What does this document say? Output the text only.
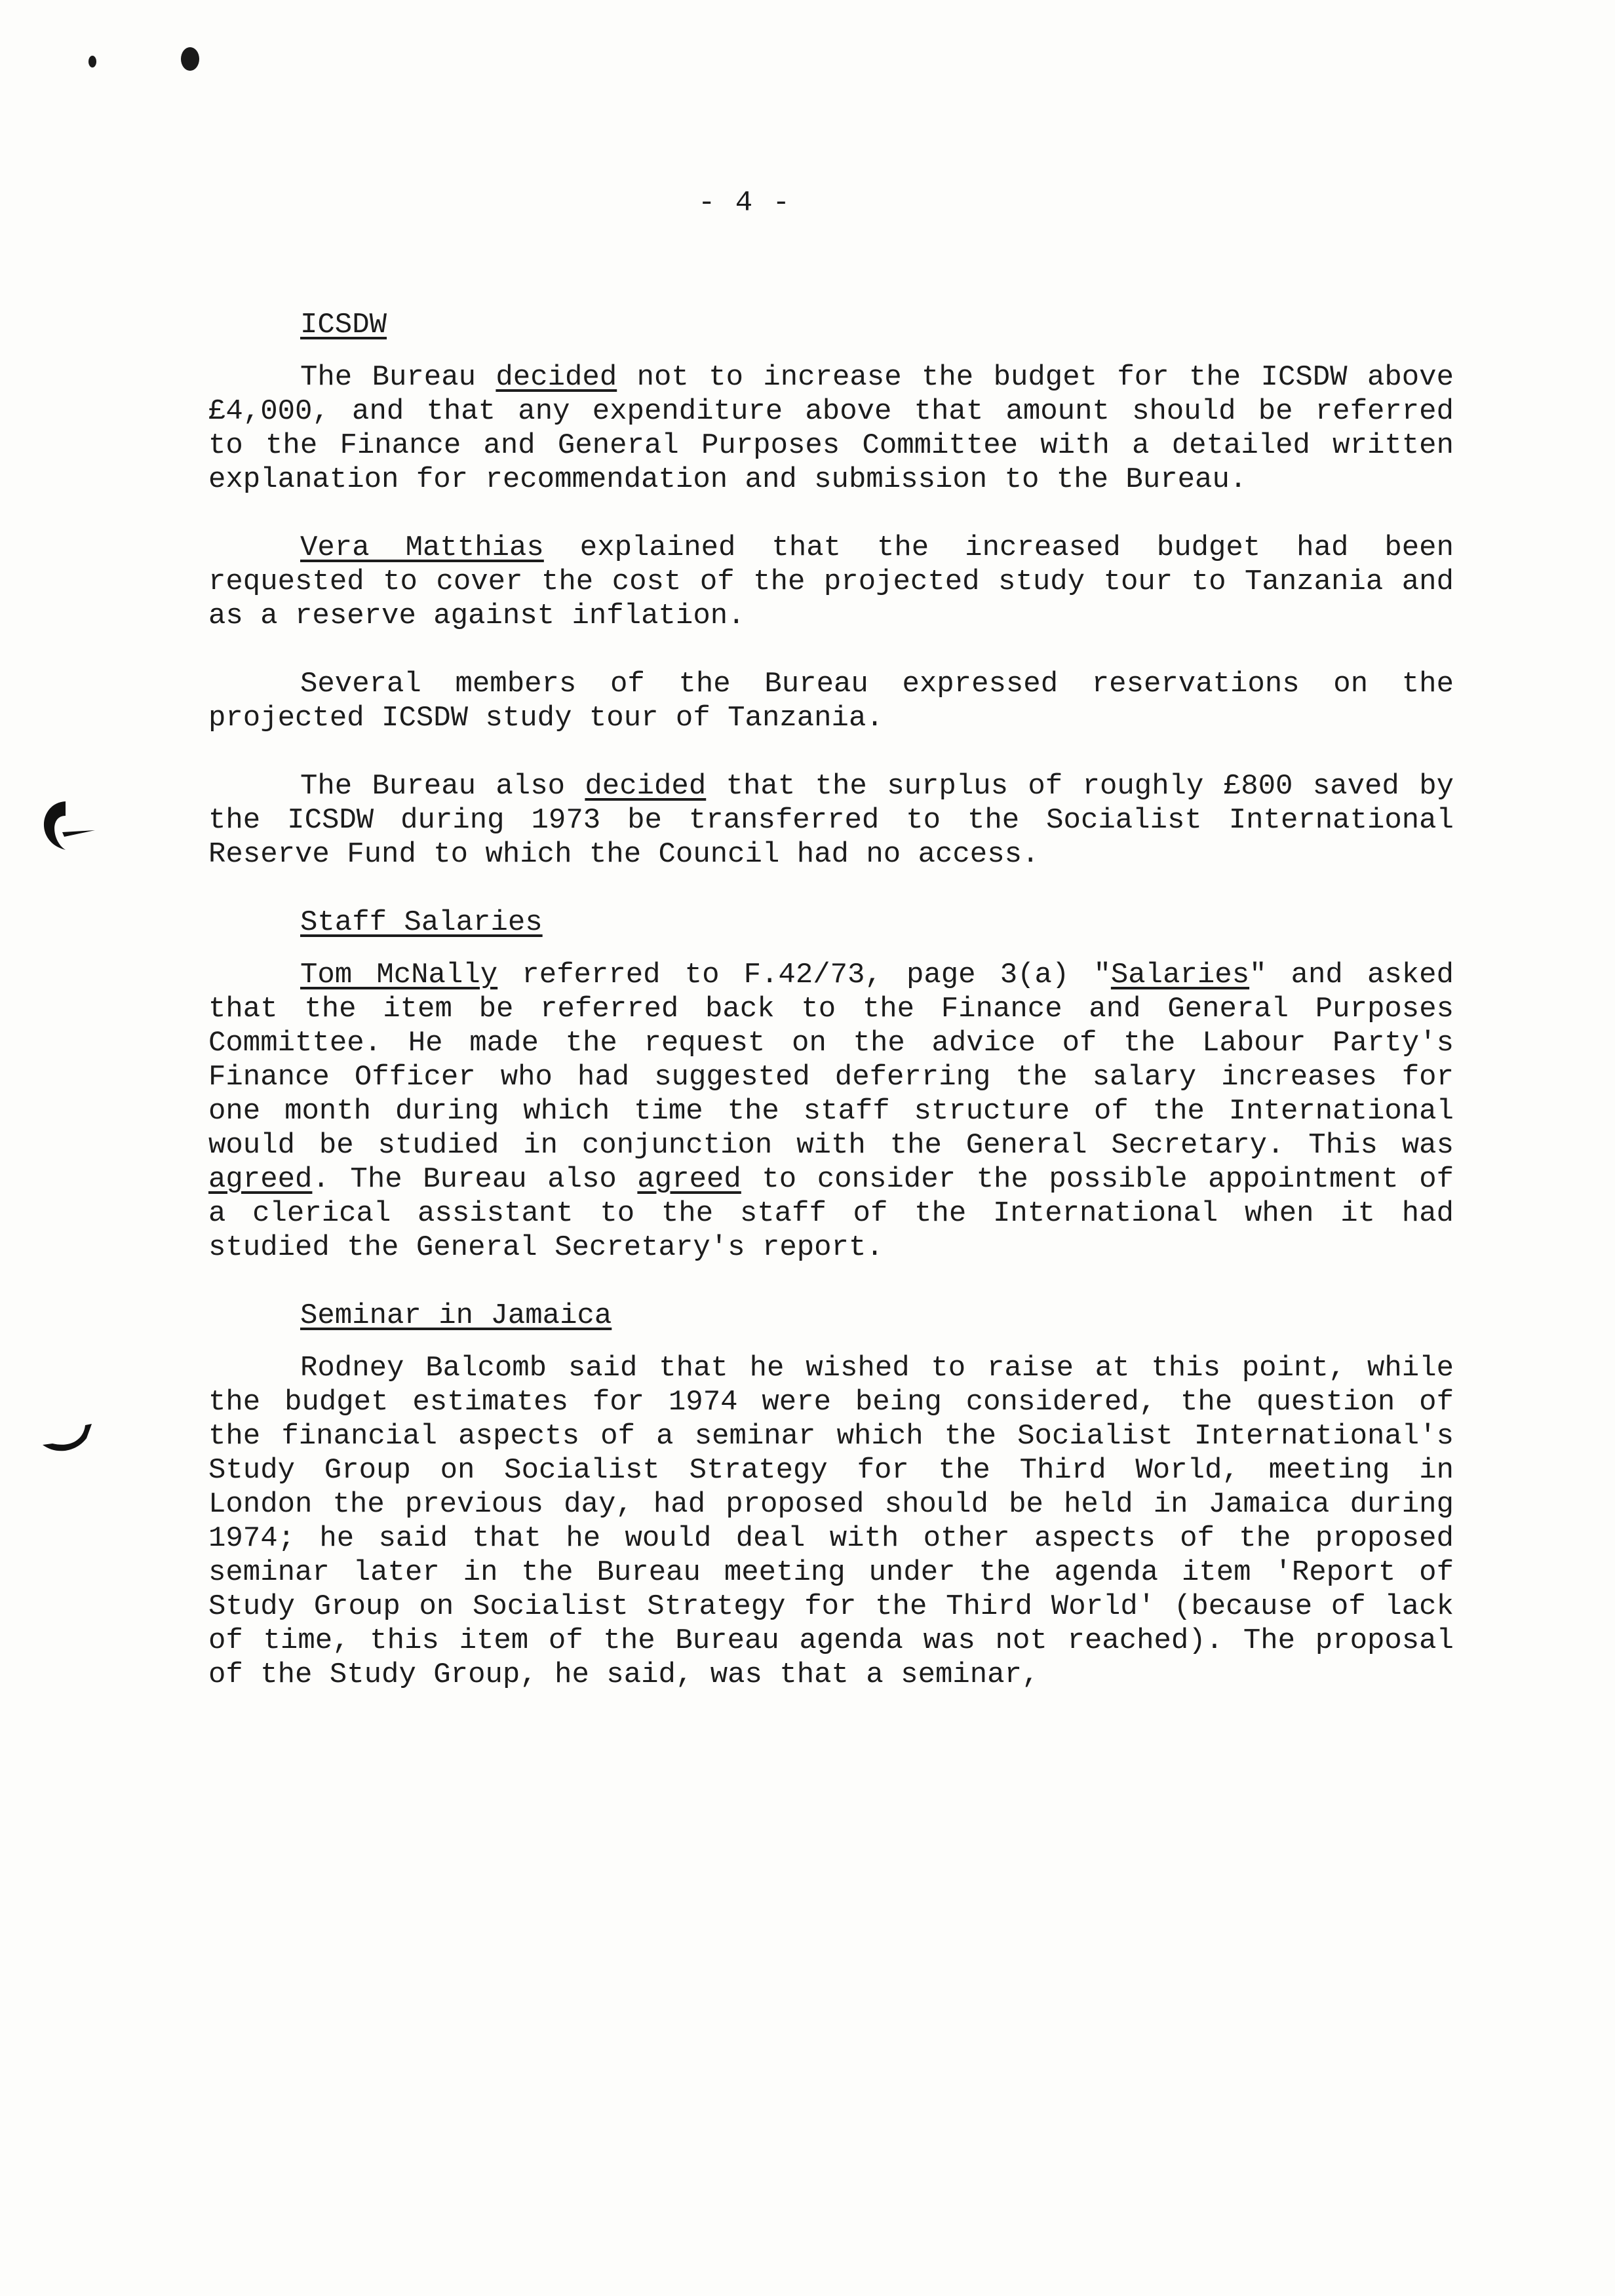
- 4 -
ICSDW
The Bureau decided not to increase the budget for the ICSDW above £4,000, and that any expenditure above that amount should be referred to the Finance and General Purposes Committee with a detailed written explanation for recommendation and submission to the Bureau.
Vera Matthias explained that the increased budget had been requested to cover the cost of the projected study tour to Tanzania and as a reserve against inflation.
Several members of the Bureau expressed reservations on the projected ICSDW study tour of Tanzania.
The Bureau also decided that the surplus of roughly £800 saved by the ICSDW during 1973 be transferred to the Socialist International Reserve Fund to which the Council had no access.
Staff Salaries
Tom McNally referred to F.42/73, page 3(a) "Salaries" and asked that the item be referred back to the Finance and General Purposes Committee. He made the request on the advice of the Labour Party's Finance Officer who had suggested deferring the salary increases for one month during which time the staff structure of the International would be studied in conjunction with the General Secretary. This was agreed. The Bureau also agreed to consider the possible appointment of a clerical assistant to the staff of the International when it had studied the General Secretary's report.
Seminar in Jamaica
Rodney Balcomb said that he wished to raise at this point, while the budget estimates for 1974 were being considered, the question of the financial aspects of a seminar which the Socialist International's Study Group on Socialist Strategy for the Third World, meeting in London the previous day, had proposed should be held in Jamaica during 1974; he said that he would deal with other aspects of the proposed seminar later in the Bureau meeting under the agenda item 'Report of Study Group on Socialist Strategy for the Third World' (because of lack of time, this item of the Bureau agenda was not reached). The proposal of the Study Group, he said, was that a seminar,
